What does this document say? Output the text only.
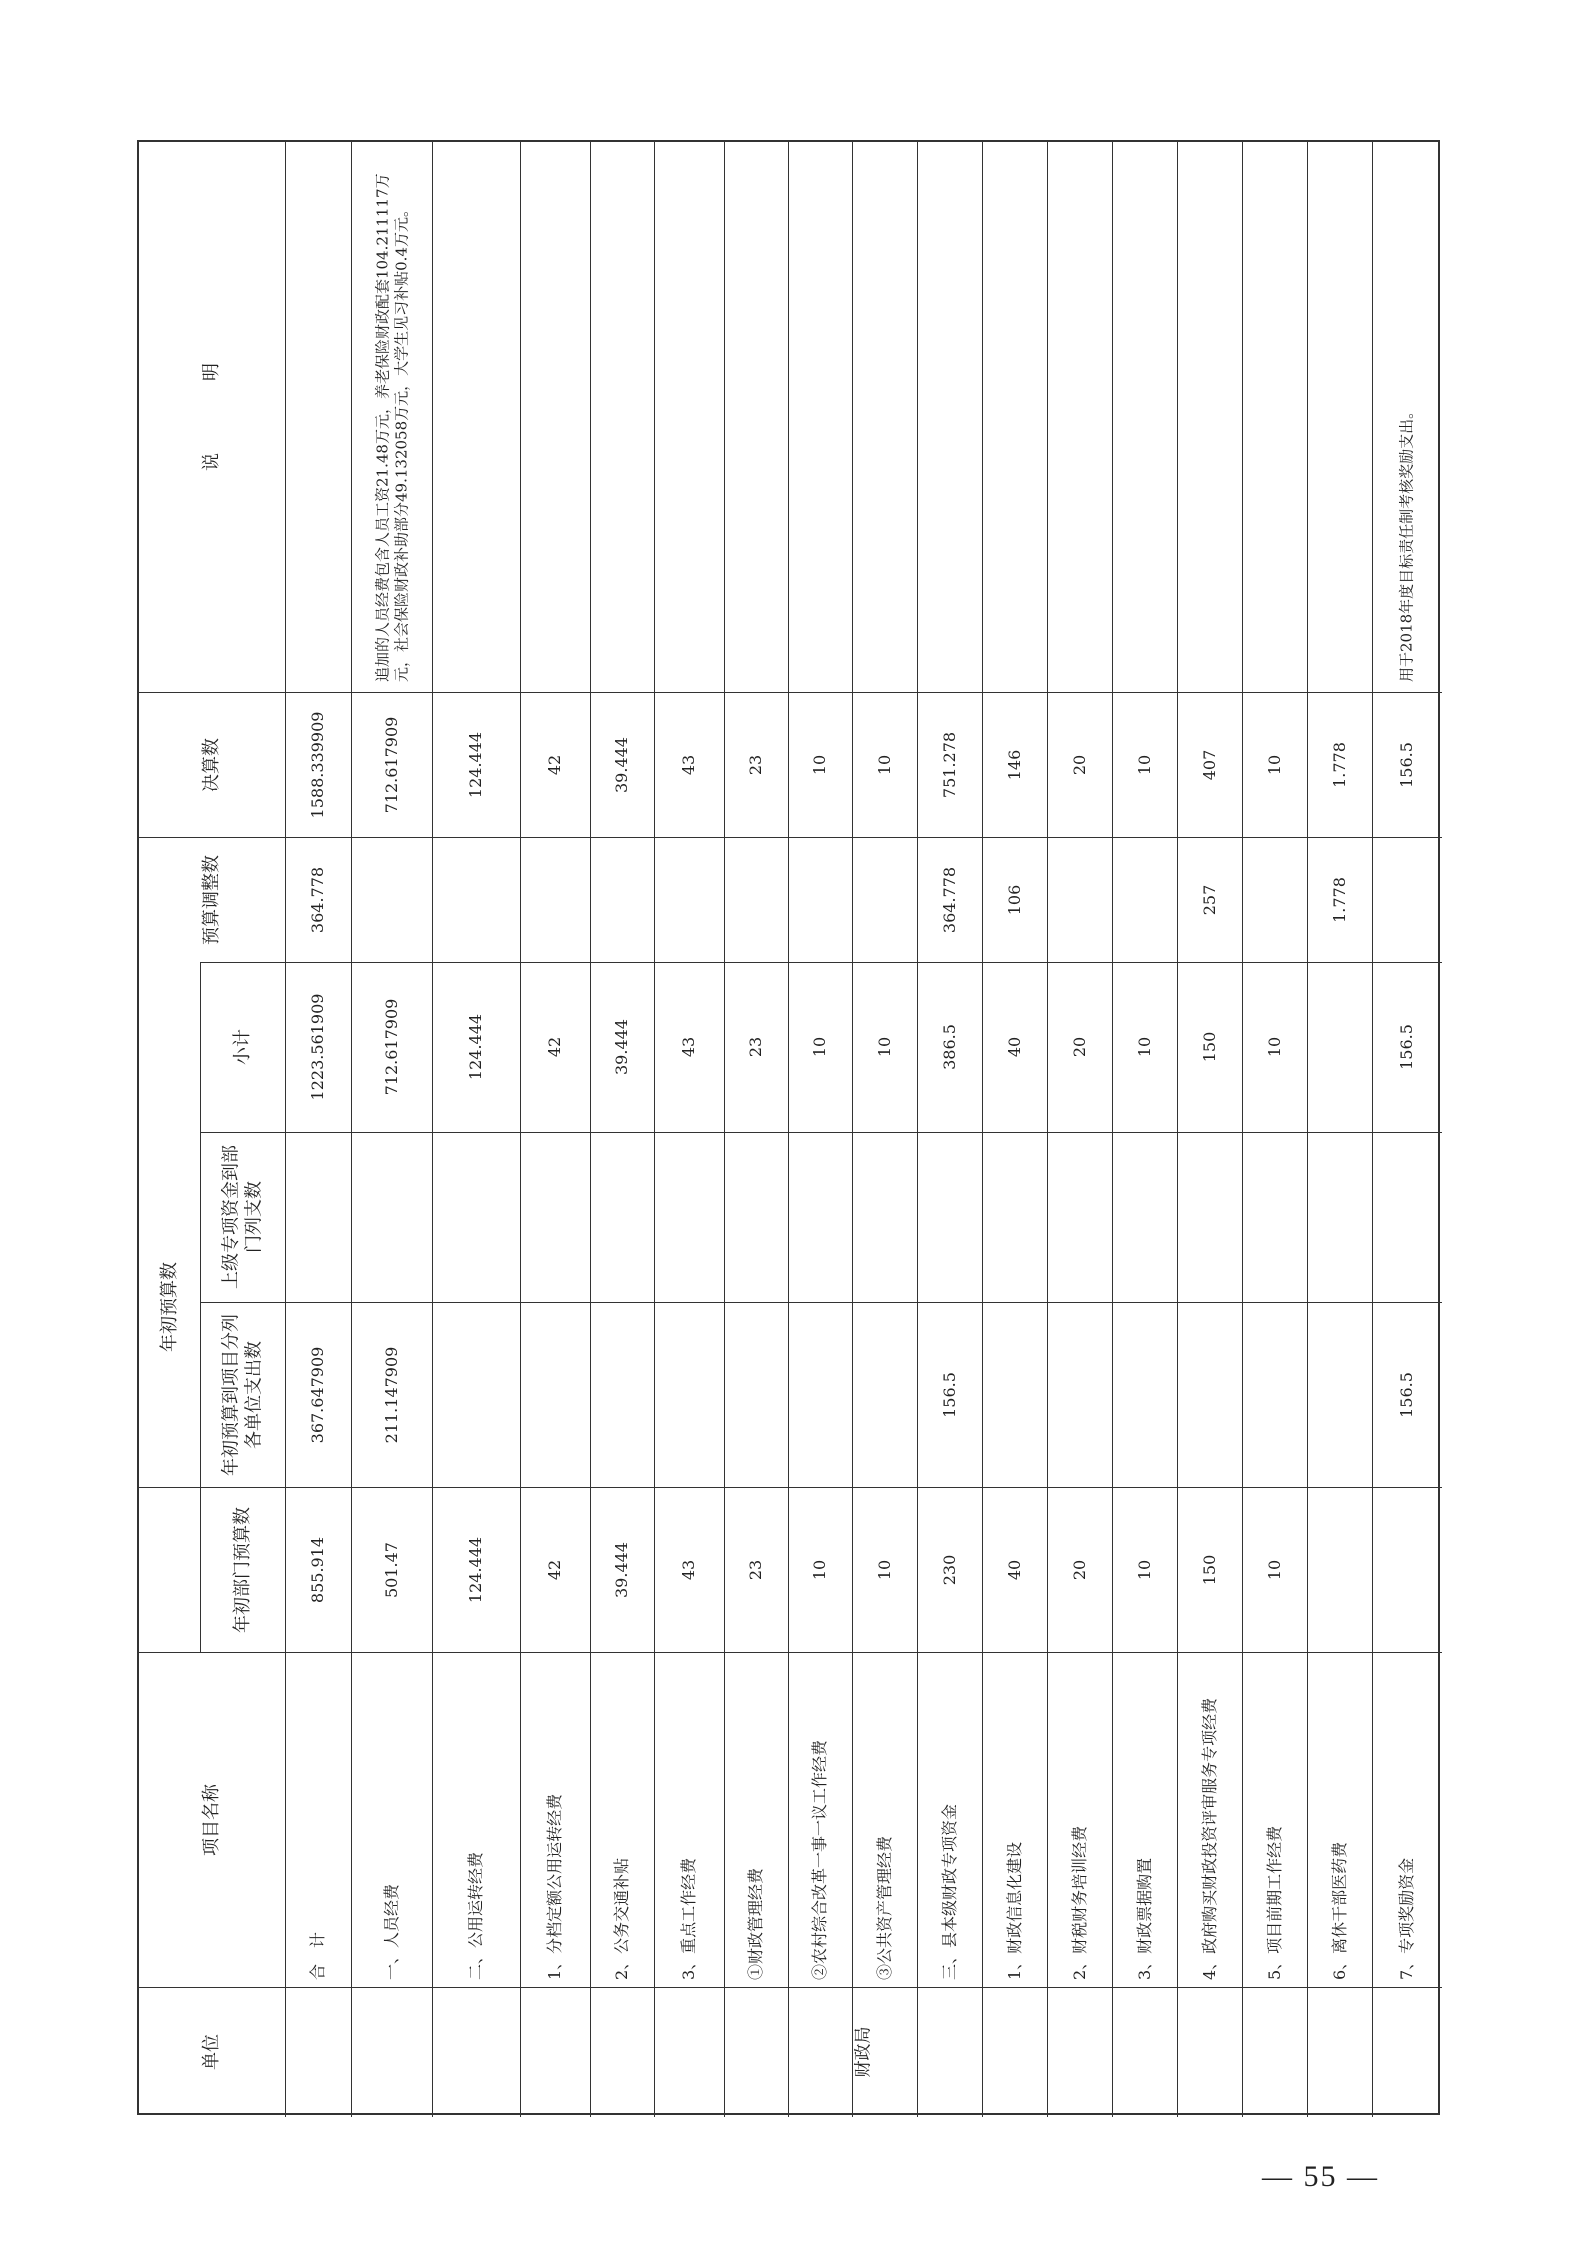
说　　　　明
决算数
预算调整数
年初预算数
小计
上级专项资金到部门列支数
年初预算到项目分列各单位支出数
年初部门预算数
项目名称
单位	财政局
合　计
855.914
367.647909
1223.561909
364.778
1588.339909
一、人员经费
501.47
211.147909
712.617909
712.617909
追加的人员经费包含人员工资21.48万元，养老保险财政配套104.211117万元，社会保险财政补助部分49.132058万元，大学生见习补贴0.4万元。
二、公用运转经费
124.444
124.444
124.444
1、分档定额公用运转经费
42
42
42
2、公务交通补贴
39.444
39.444
39.444
3、重点工作经费
43
43
43
①财政管理经费
23
23
23
②农村综合改革一事一议工作经费
10
10
10
③公共资产管理经费
10
10
10
三、县本级财政专项资金
230
156.5
386.5
364.778
751.278
1、财政信息化建设
40
40
106
146
2、财税财务培训经费
20
20
20
3、财政票据购置
10
10
10
4、政府购买财政投资评审服务专项经费
150
150
257
407
5、项目前期工作经费
10
10
10
6、离休干部医药费
1.778
1.778
7、专项奖励资金
156.5
156.5
156.5
用于2018年度目标责任制考核奖励支出。
— 55 —
